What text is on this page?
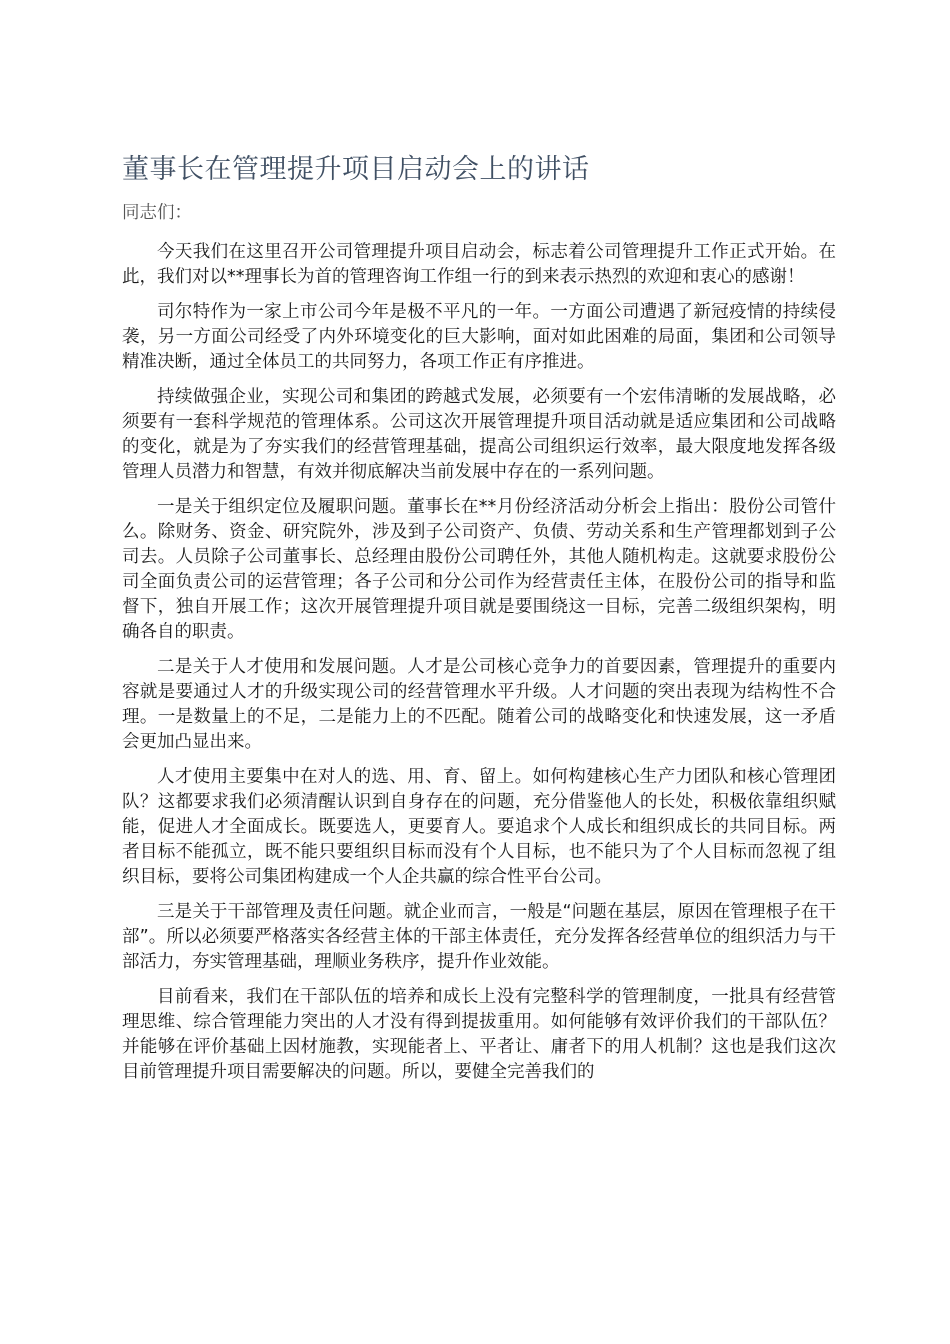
董事长在管理提升项目启动会上的讲话

同志们：

今天我们在这里召开公司管理提升项目启动会，标志着公司管理提升工作正式开始。在此，我们对以**理事长为首的管理咨询工作组一行的到来表示热烈的欢迎和衷心的感谢！

司尔特作为一家上市公司今年是极不平凡的一年。一方面公司遭遇了新冠疫情的持续侵袭，另一方面公司经受了内外环境变化的巨大影响，面对如此困难的局面，集团和公司领导精准决断，通过全体员工的共同努力，各项工作正有序推进。

持续做强企业，实现公司和集团的跨越式发展，必须要有一个宏伟清晰的发展战略，必须要有一套科学规范的管理体系。公司这次开展管理提升项目活动就是适应集团和公司战略的变化，就是为了夯实我们的经营管理基础，提高公司组织运行效率，最大限度地发挥各级管理人员潜力和智慧，有效并彻底解决当前发展中存在的一系列问题。

一是关于组织定位及履职问题。董事长在**月份经济活动分析会上指出：股份公司管什么。除财务、资金、研究院外，涉及到子公司资产、负债、劳动关系和生产管理都划到子公司去。人员除子公司董事长、总经理由股份公司聘任外，其他人随机构走。这就要求股份公司全面负责公司的运营管理；各子公司和分公司作为经营责任主体，在股份公司的指导和监督下，独自开展工作；这次开展管理提升项目就是要围绕这一目标，完善二级组织架构，明确各自的职责。

二是关于人才使用和发展问题。人才是公司核心竞争力的首要因素，管理提升的重要内容就是要通过人才的升级实现公司的经营管理水平升级。人才问题的突出表现为结构性不合理。一是数量上的不足，二是能力上的不匹配。随着公司的战略变化和快速发展，这一矛盾会更加凸显出来。

人才使用主要集中在对人的选、用、育、留上。如何构建核心生产力团队和核心管理团队？这都要求我们必须清醒认识到自身存在的问题，充分借鉴他人的长处，积极依靠组织赋能，促进人才全面成长。既要选人，更要育人。要追求个人成长和组织成长的共同目标。两者目标不能孤立，既不能只要组织目标而没有个人目标，也不能只为了个人目标而忽视了组织目标，要将公司集团构建成一个人企共赢的综合性平台公司。

三是关于干部管理及责任问题。就企业而言，一般是“问题在基层，原因在管理根子在干部”。所以必须要严格落实各经营主体的干部主体责任，充分发挥各经营单位的组织活力与干部活力，夯实管理基础，理顺业务秩序，提升作业效能。

目前看来，我们在干部队伍的培养和成长上没有完整科学的管理制度，一批具有经营管理思维、综合管理能力突出的人才没有得到提拔重用。如何能够有效评价我们的干部队伍？并能够在评价基础上因材施教，实现能者上、平者让、庸者下的用人机制？这也是我们这次目前管理提升项目需要解决的问题。所以，要健全完善我们的
